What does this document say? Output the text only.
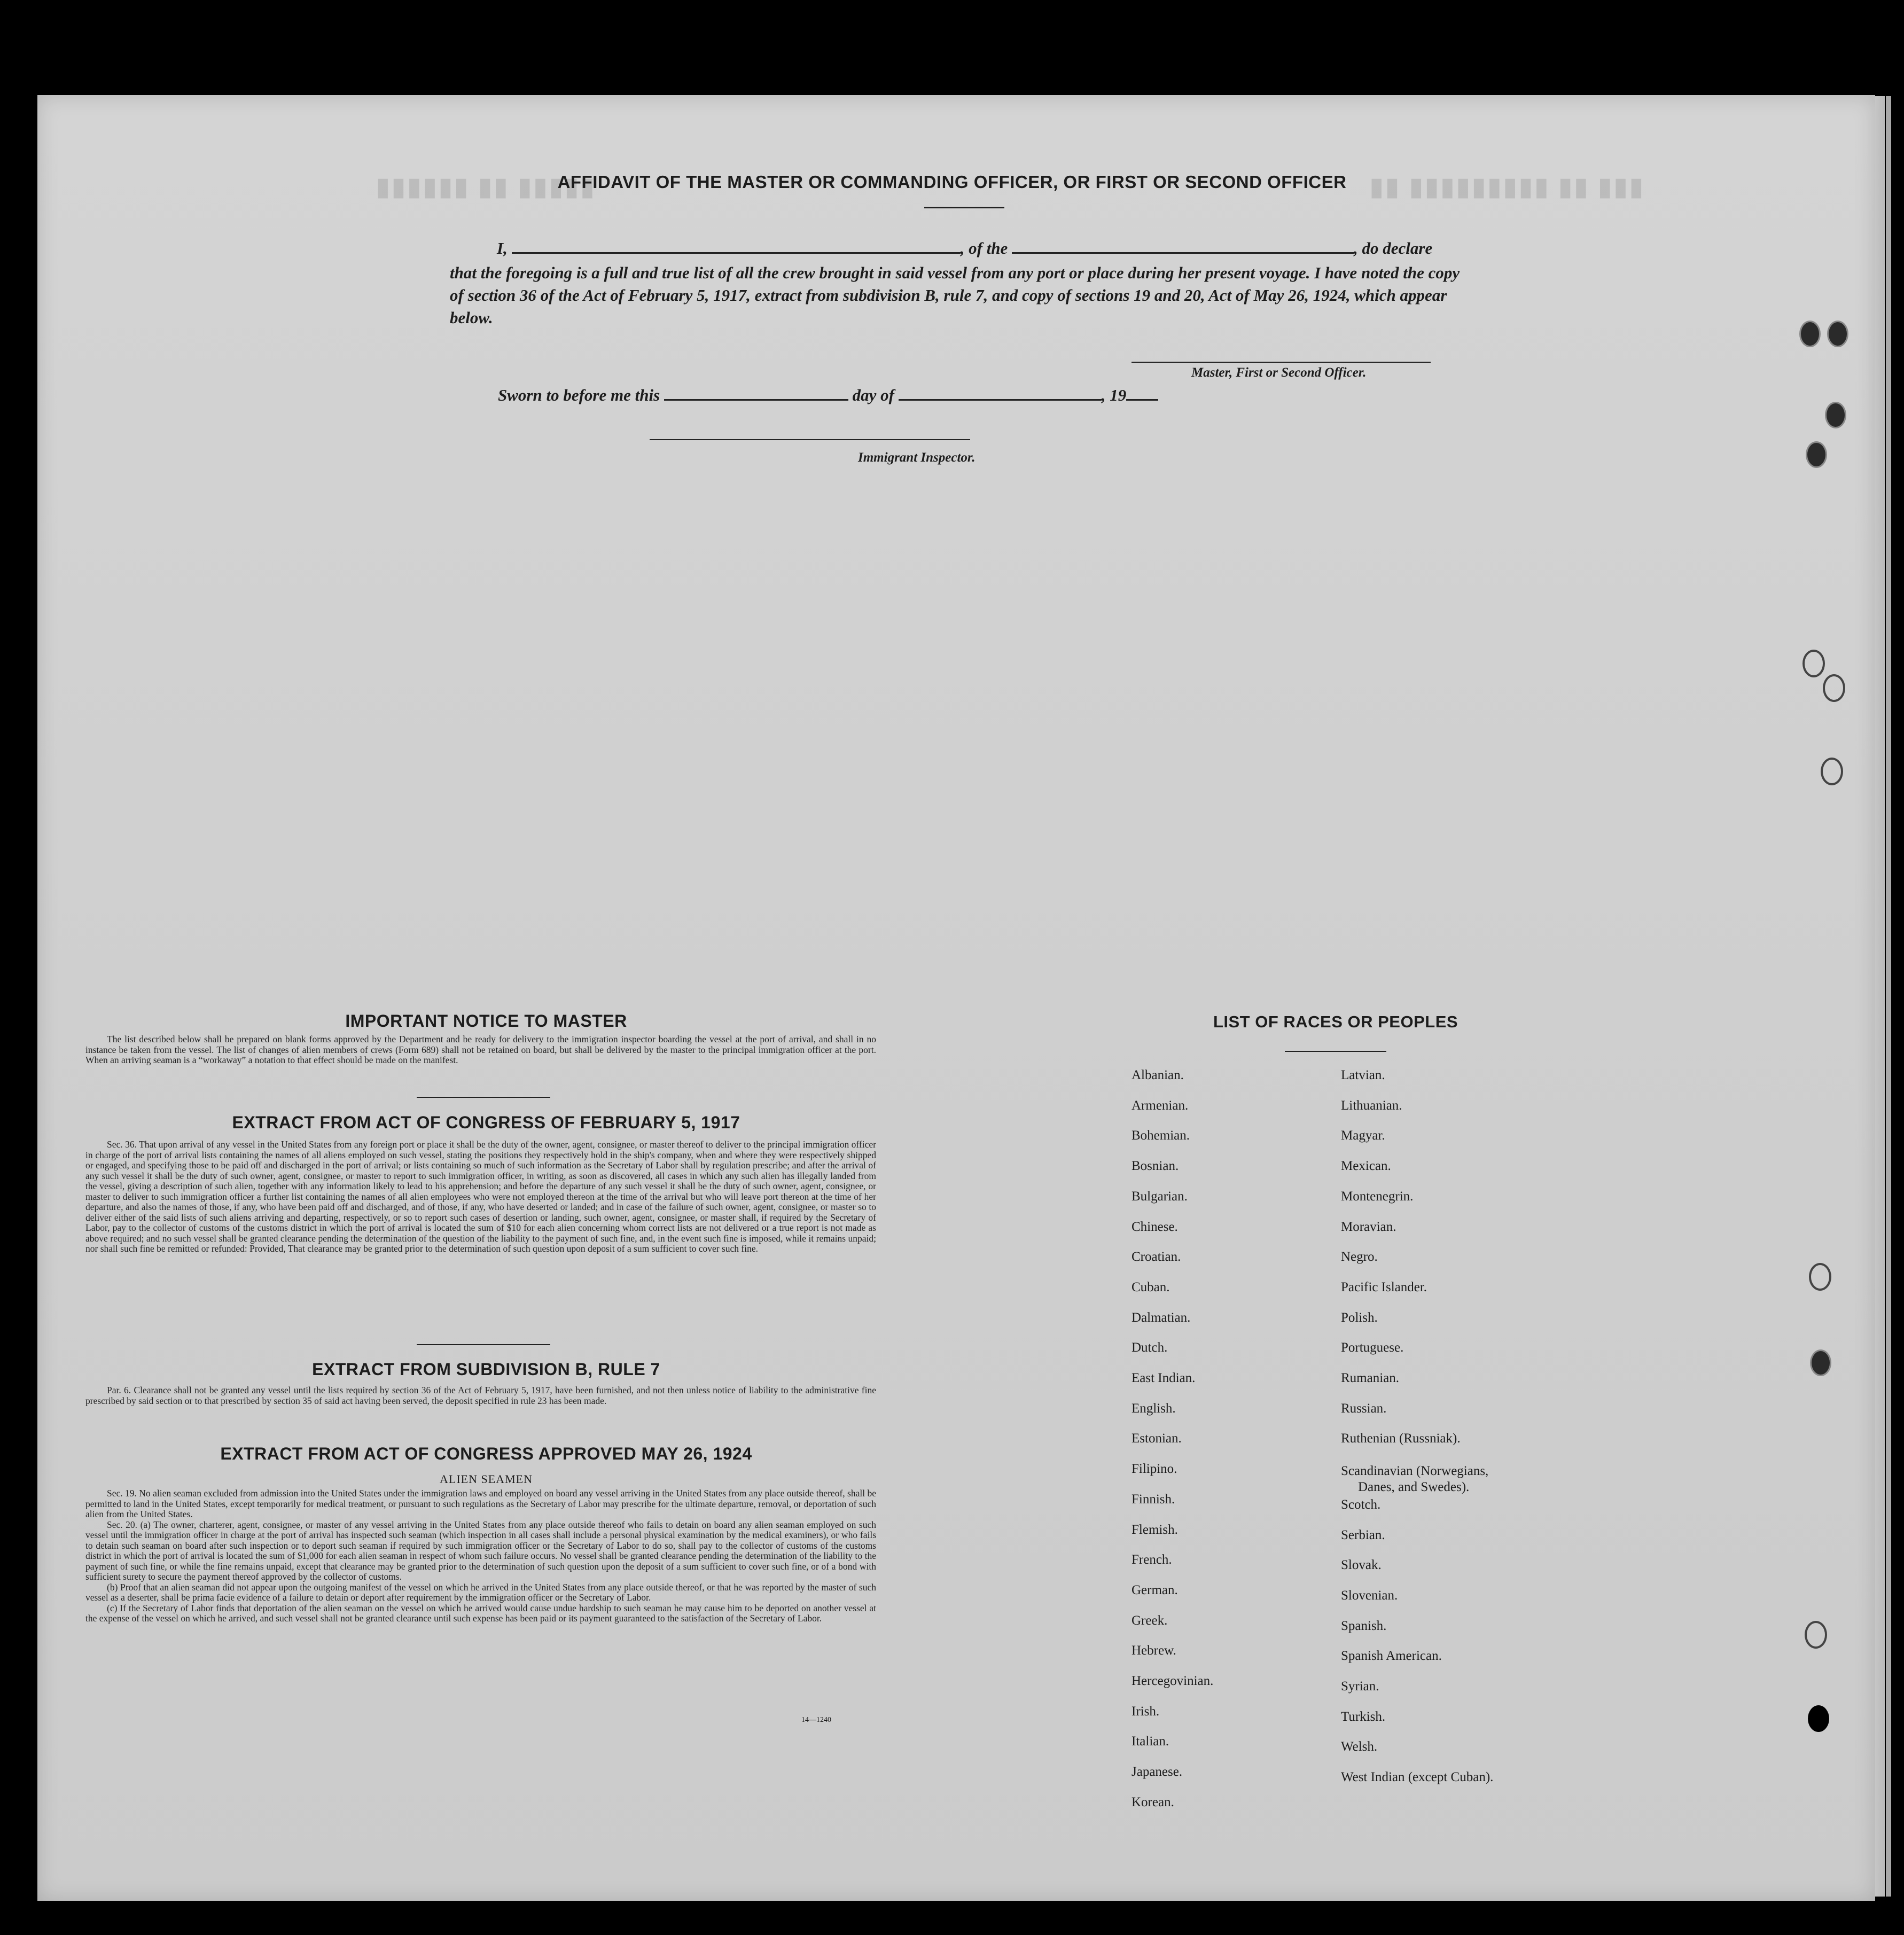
▮▮▮ ▮▮ ▮▮▮▮▮▮▮▮▮ ▮▮
▮▮▮▮▮ ▮▮ ▮▮▮▮▮▮
AFFIDAVIT OF THE MASTER OR COMMANDING OFFICER, OR FIRST OR SECOND OFFICER
I,	, of the	, do declare
that the foregoing is a full and true list of all the crew brought in said vessel from any port or place during her present voyage. I have noted the copy of section 36 of the Act of February 5, 1917, extract from subdivision B, rule 7, and copy of sections 19 and 20, Act of May 26, 1924, which appear below.
Master, First or Second Officer.
Sworn to before me this	day of	, 19
Immigrant Inspector.
IMPORTANT NOTICE TO MASTER

The list described below shall be prepared on blank forms approved by the Department and be ready for delivery to the immigration inspector boarding the vessel at the port of arrival, and shall in no instance be taken from the vessel. The list of changes of alien members of crews (Form 689) shall not be retained on board, but shall be delivered by the master to the principal immigration officer at the port. When an arriving seaman is a “workaway” a notation to that effect should be made on the manifest.

EXTRACT FROM ACT OF CONGRESS OF FEBRUARY 5, 1917

Sec. 36. That upon arrival of any vessel in the United States from any foreign port or place it shall be the duty of the owner, agent, consignee, or master thereof to deliver to the principal immigration officer in charge of the port of arrival lists containing the names of all aliens employed on such vessel, stating the positions they respectively hold in the ship's company, when and where they were respectively shipped or engaged, and specifying those to be paid off and discharged in the port of arrival; or lists containing so much of such information as the Secretary of Labor shall by regulation prescribe; and after the arrival of any such vessel it shall be the duty of such owner, agent, consignee, or master to report to such immigration officer, in writing, as soon as discovered, all cases in which any such alien has illegally landed from the vessel, giving a description of such alien, together with any information likely to lead to his apprehension; and before the departure of any such vessel it shall be the duty of such owner, agent, consignee, or master to deliver to such immigration officer a further list containing the names of all alien employees who were not employed thereon at the time of the arrival but who will leave port thereon at the time of her departure, and also the names of those, if any, who have been paid off and discharged, and of those, if any, who have deserted or landed; and in case of the failure of such owner, agent, consignee, or master so to deliver either of the said lists of such aliens arriving and departing, respectively, or so to report such cases of desertion or landing, such owner, agent, consignee, or master shall, if required by the Secretary of Labor, pay to the collector of customs of the customs district in which the port of arrival is located the sum of $10 for each alien concerning whom correct lists are not delivered or a true report is not made as above required; and no such vessel shall be granted clearance pending the determination of the question of the liability to the payment of such fine, and, in the event such fine is imposed, while it remains unpaid; nor shall such fine be remitted or refunded: Provided, That clearance may be granted prior to the determination of such question upon deposit of a sum sufficient to cover such fine.

EXTRACT FROM SUBDIVISION B, RULE 7

Par. 6. Clearance shall not be granted any vessel until the lists required by section 36 of the Act of February 5, 1917, have been furnished, and not then unless notice of liability to the administrative fine prescribed by said section or to that prescribed by section 35 of said act having been served, the deposit specified in rule 23 has been made.

EXTRACT FROM ACT OF CONGRESS APPROVED MAY 26, 1924
ALIEN SEAMEN

Sec. 19. No alien seaman excluded from admission into the United States under the immigration laws and employed on board any vessel arriving in the United States from any place outside thereof, shall be permitted to land in the United States, except temporarily for medical treatment, or pursuant to such regulations as the Secretary of Labor may prescribe for the ultimate departure, removal, or deportation of such alien from the United States.

Sec. 20. (a) The owner, charterer, agent, consignee, or master of any vessel arriving in the United States from any place outside thereof who fails to detain on board any alien seaman employed on such vessel until the immigration officer in charge at the port of arrival has inspected such seaman (which inspection in all cases shall include a personal physical examination by the medical examiners), or who fails to detain such seaman on board after such inspection or to deport such seaman if required by such immigration officer or the Secretary of Labor to do so, shall pay to the collector of customs of the customs district in which the port of arrival is located the sum of $1,000 for each alien seaman in respect of whom such failure occurs. No vessel shall be granted clearance pending the determination of the liability to the payment of such fine, or while the fine remains unpaid, except that clearance may be granted prior to the determination of such question upon the deposit of a sum sufficient to cover such fine, or of a bond with sufficient surety to secure the payment thereof approved by the collector of customs.

(b) Proof that an alien seaman did not appear upon the outgoing manifest of the vessel on which he arrived in the United States from any place outside thereof, or that he was reported by the master of such vessel as a deserter, shall be prima facie evidence of a failure to detain or deport after requirement by the immigration officer or the Secretary of Labor.

(c) If the Secretary of Labor finds that deportation of the alien seaman on the vessel on which he arrived would cause undue hardship to such seaman he may cause him to be deported on another vessel at the expense of the vessel on which he arrived, and such vessel shall not be granted clearance until such expense has been paid or its payment guaranteed to the satisfaction of the Secretary of Labor.

14—1240
LIST OF RACES OR PEOPLES
Albanian.
Armenian.
Bohemian.
Bosnian.
Bulgarian.
Chinese.
Croatian.
Cuban.
Dalmatian.
Dutch.
East Indian.
English.
Estonian.
Filipino.
Finnish.
Flemish.
French.
German.
Greek.
Hebrew.
Hercegovinian.
Irish.
Italian.
Japanese.
Korean.
Latvian.
Lithuanian.
Magyar.
Mexican.
Montenegrin.
Moravian.
Negro.
Pacific Islander.
Polish.
Portuguese.
Rumanian.
Russian.
Ruthenian (Russniak).
Scandinavian (Norwegians,
Danes, and Swedes).
Scotch.
Serbian.
Slovak.
Slovenian.
Spanish.
Spanish American.
Syrian.
Turkish.
Welsh.
West Indian (except Cuban).
